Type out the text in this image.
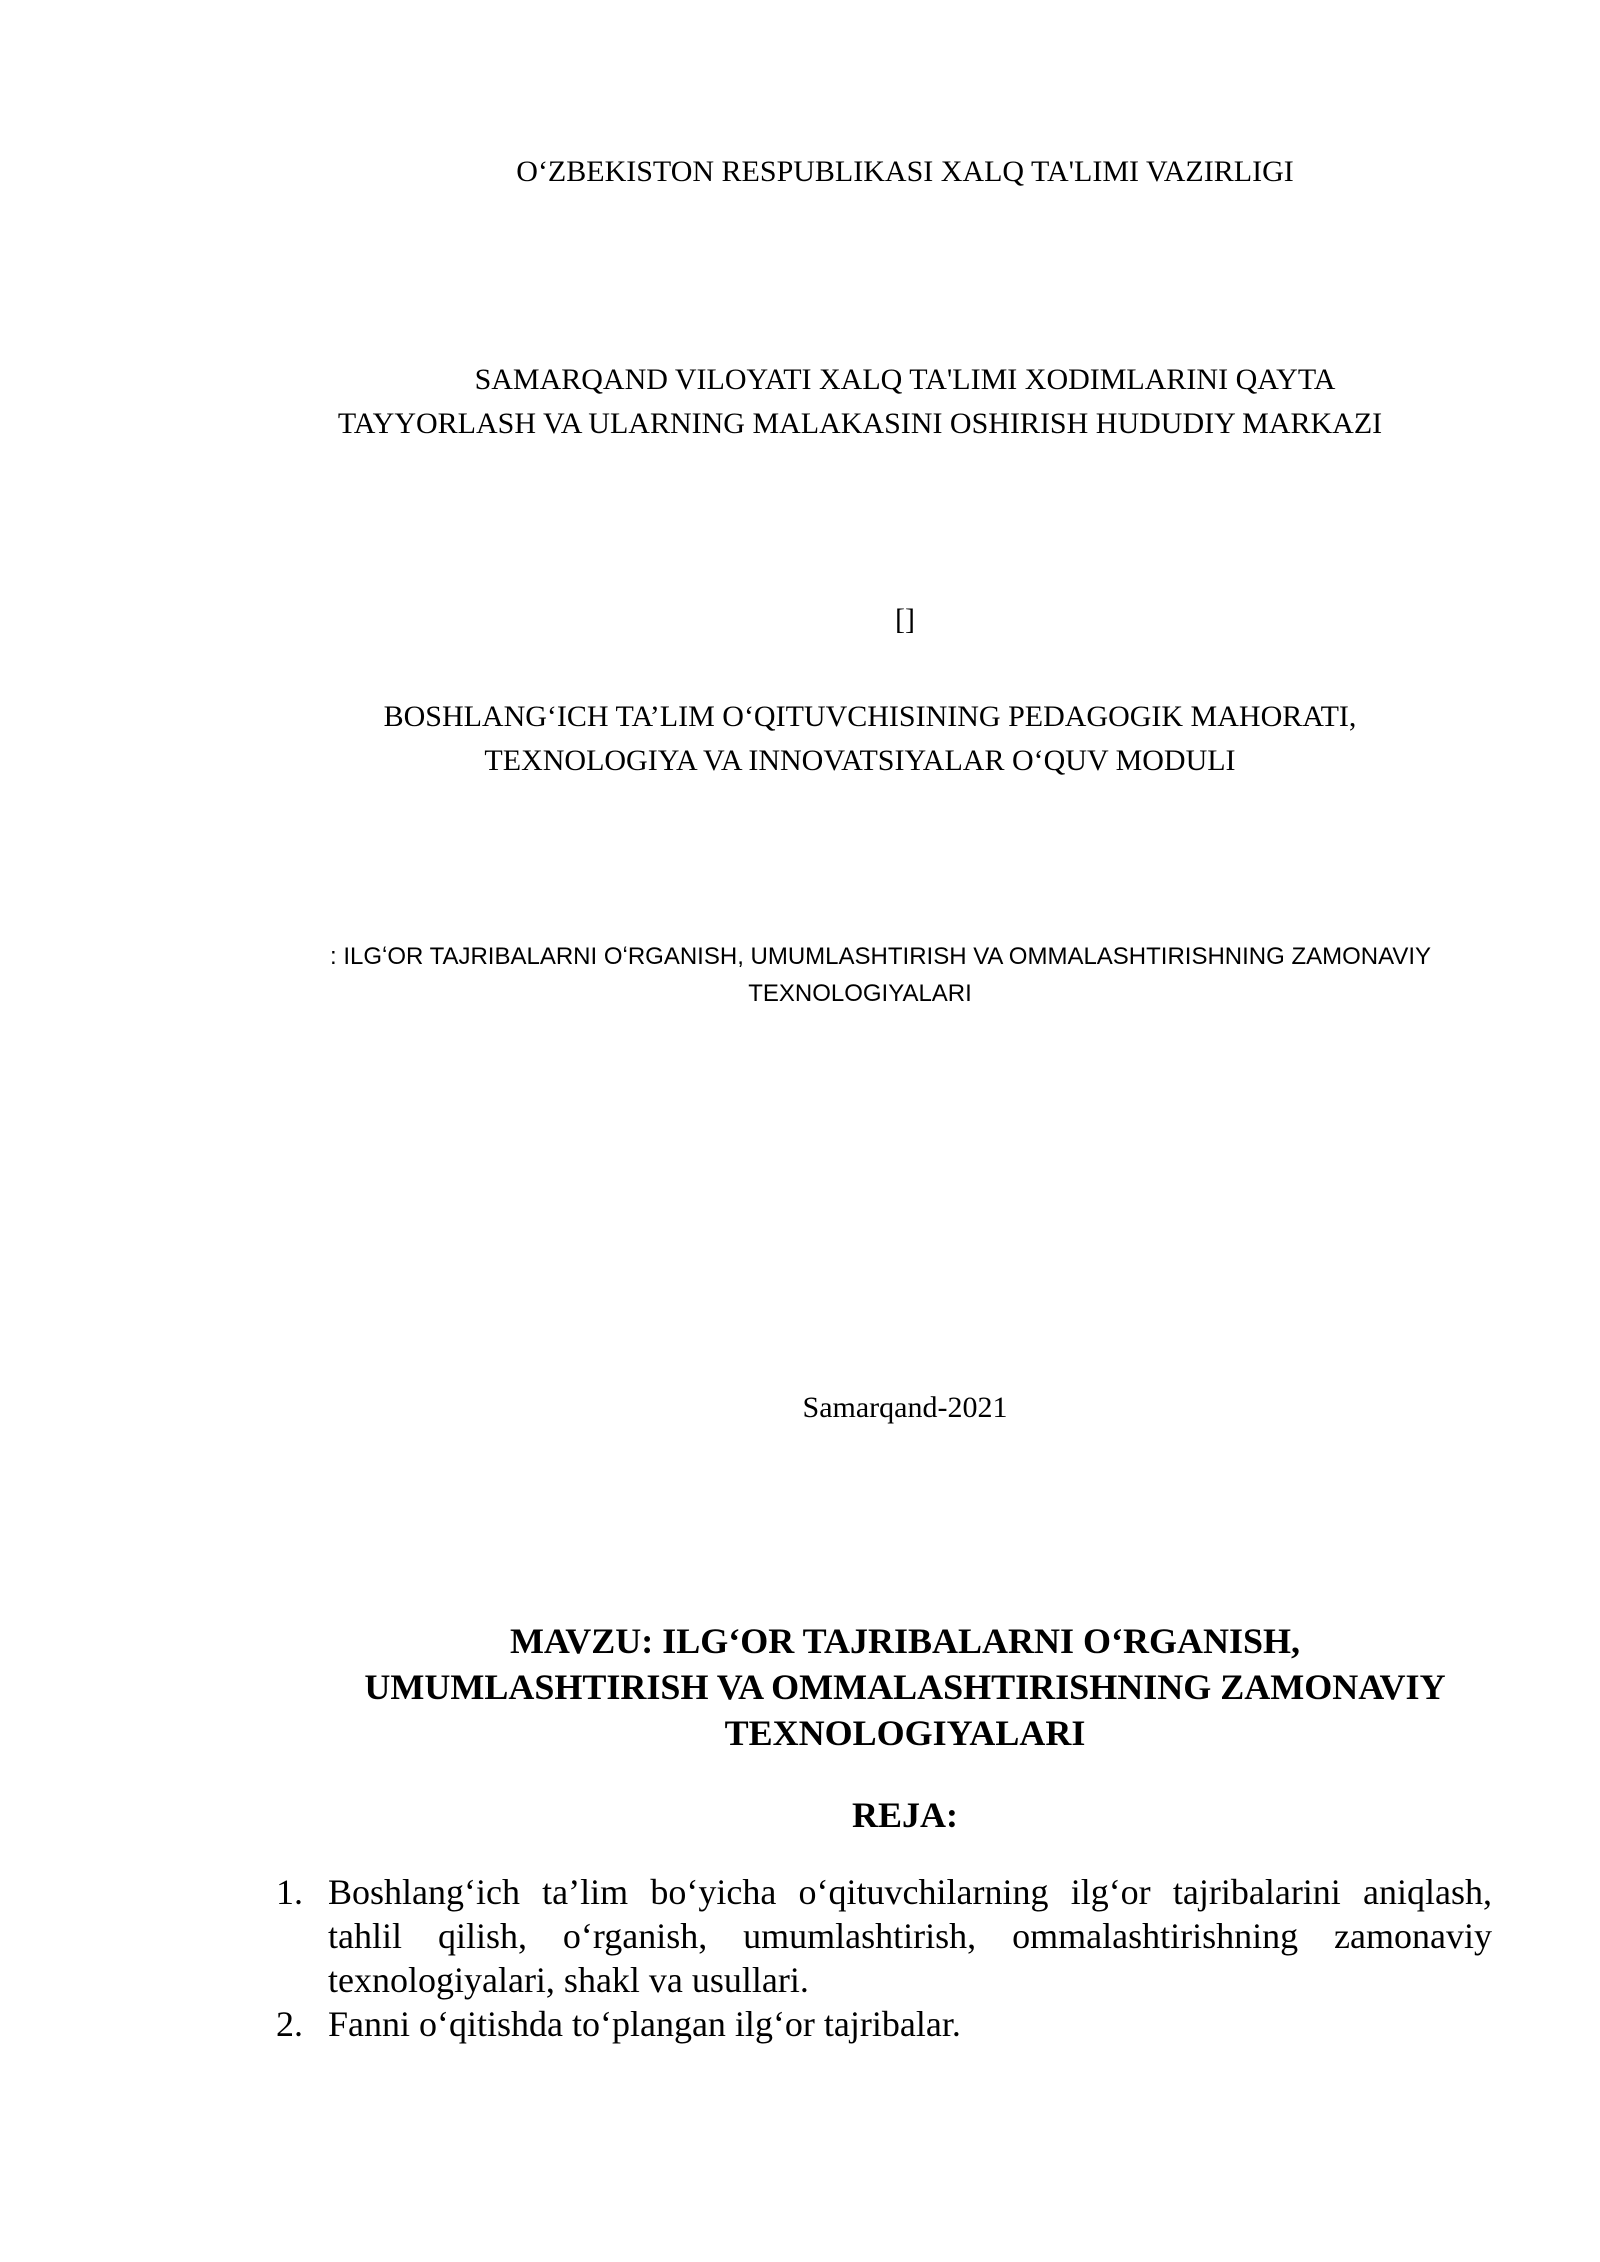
O‘ZBEKISTON RESPUBLIKASI XALQ TA'LIMI VAZIRLIGI
SAMARQAND VILOYATI XALQ TA'LIMI XODIMLARINI QAYTA
TAYYORLASH VA ULARNING MALAKASINI OSHIRISH HUDUDIY MARKAZI
[]
BOSHLANG‘ICH TA’LIM O‘QITUVCHISINING PEDAGOGIK MAHORATI,
TEXNOLOGIYA VA INNOVATSIYALAR O‘QUV MODULI
: ILGʻOR TAJRIBALARNI OʻRGANISH, UMUMLASHTIRISH VA OMMALASHTIRISHNING ZAMONAVIY
TEXNOLOGIYALARI
Samarqand-2021
MAVZU: ILG‘OR TAJRIBALARNI O‘RGANISH,
UMUMLASHTIRISH VA OMMALASHTIRISHNING ZAMONAVIY
TEXNOLOGIYALARI
REJA:
1. Boshlang‘ich ta’lim bo‘yicha o‘qituvchilarning ilg‘or tajribalarini aniqlash, tahlil qilish, o‘rganish, umumlashtirish, ommalashtirishning zamonaviy texnologiyalari, shakl va usullari.
2. Fanni o‘qitishda to‘plangan ilg‘or tajribalar.
